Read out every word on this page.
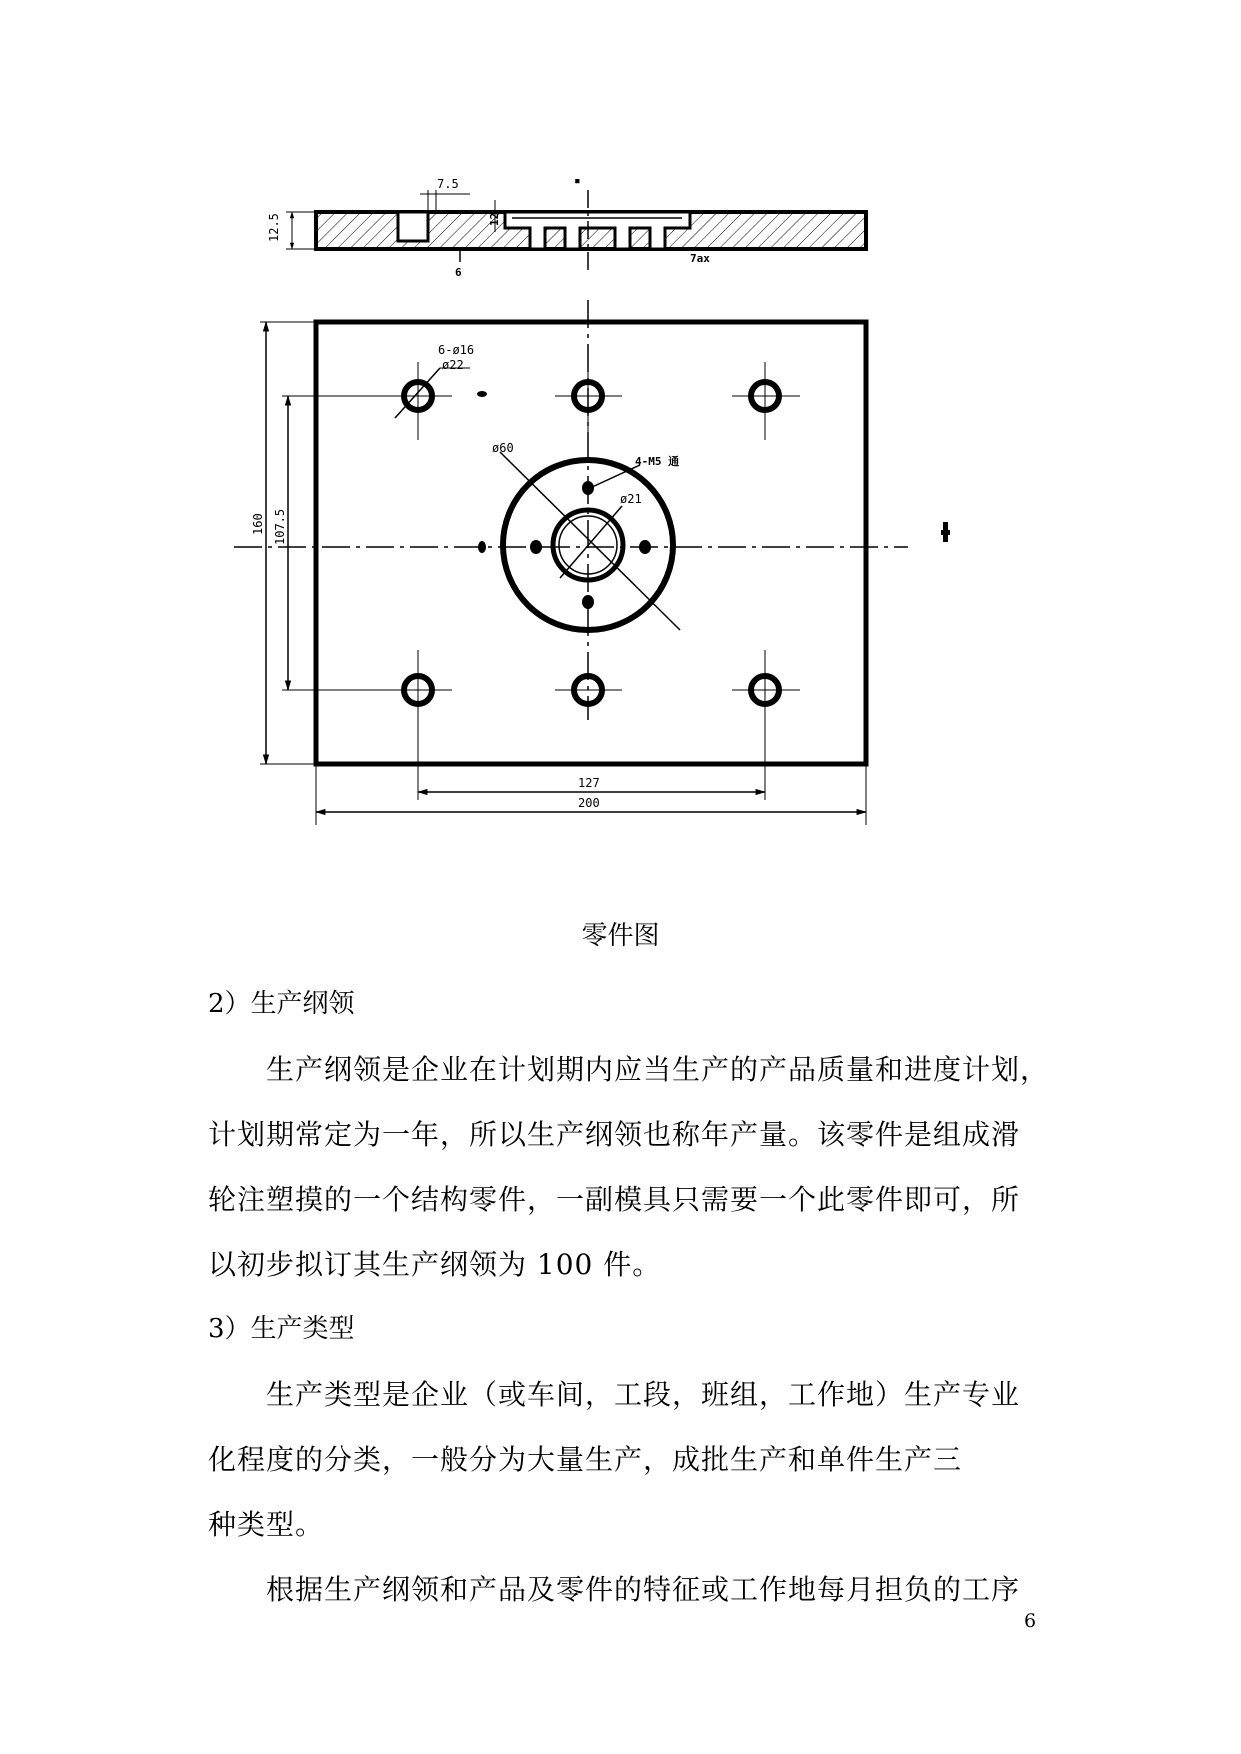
7.5
12.5	12
▪
6
7ax
ø60
ø21
4-M5 通
6-ø16
ø22
160 107.5
127
200
零件图
2）生产纲领
生产纲领是企业在计划期内应当生产的产品质量和进度计划，
计划期常定为一年，所以生产纲领也称年产量。该零件是组成滑
轮注塑摸的一个结构零件，一副模具只需要一个此零件即可，所
以初步拟订其生产纲领为 100 件。
3）生产类型
生产类型是企业（或车间，工段，班组，工作地）生产专业
化程度的分类，一般分为大量生产，成批生产和单件生产三
种类型。
根据生产纲领和产品及零件的特征或工作地每月担负的工序
6
